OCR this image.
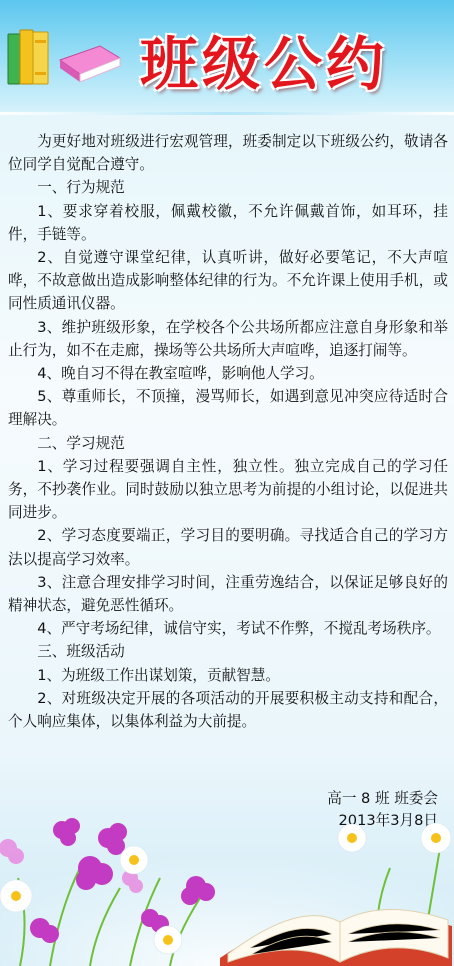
班级公约

为更好地对班级进行宏观管理，班委制定以下班级公约，敬请各位同学自觉配合遵守。

一、行为规范

1、要求穿着校服，佩戴校徽，不允许佩戴首饰，如耳环，挂件，手链等。

2、自觉遵守课堂纪律，认真听讲，做好必要笔记，不大声喧哗，不故意做出造成影响整体纪律的行为。不允许课上使用手机，或同性质通讯仪器。

3、维护班级形象，在学校各个公共场所都应注意自身形象和举止行为，如不在走廊，操场等公共场所大声喧哗，追逐打闹等。

4、晚自习不得在教室喧哗，影响他人学习。

5、尊重师长，不顶撞，漫骂师长，如遇到意见冲突应待适时合理解决。

二、学习规范

1、学习过程要强调自主性，独立性。独立完成自己的学习任务，不抄袭作业。同时鼓励以独立思考为前提的小组讨论，以促进共同进步。

2、学习态度要端正，学习目的要明确。寻找适合自己的学习方法以提高学习效率。

3、注意合理安排学习时间，注重劳逸结合，以保证足够良好的精神状态，避免恶性循环。

4、严守考场纪律，诚信守实，考试不作弊，不搅乱考场秩序。

三、班级活动

1、为班级工作出谋划策，贡献智慧。

2、对班级决定开展的各项活动的开展要积极主动支持和配合，个人响应集体，以集体利益为大前提。

高一 8 班 班委会
